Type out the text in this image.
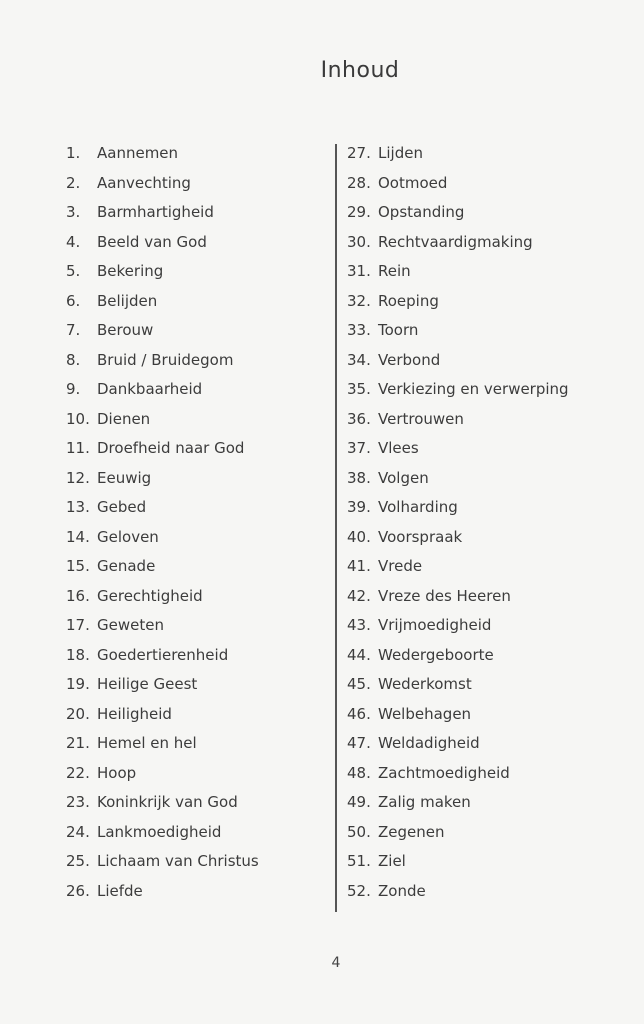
Inhoud
1.	Aannemen
2.	Aanvechting
3.	Barmhartigheid
4.	Beeld van God
5.	Bekering
6.	Belijden
7.	Berouw
8.	Bruid / Bruidegom
9.	Dankbaarheid
10. Dienen
11. Droefheid naar God
12. Eeuwig
13. Gebed
14. Geloven
15. Genade
16. Gerechtigheid
17. Geweten
18. Goedertierenheid
19. Heilige Geest
20. Heiligheid
21. Hemel en hel
22. Hoop
23. Koninkrijk van God
24. Lankmoedigheid
25. Lichaam van Christus
26. Liefde
27. Lijden
28. Ootmoed
29. Opstanding
30. Rechtvaardigmaking
31. Rein
32. Roeping
33. Toorn
34. Verbond
35. Verkiezing en verwerping
36. Vertrouwen
37. Vlees
38. Volgen
39. Volharding
40. Voorspraak
41. Vrede
42. Vreze des Heeren
43. Vrijmoedigheid
44. Wedergeboorte
45. Wederkomst
46. Welbehagen
47. Weldadigheid
48. Zachtmoedigheid
49. Zalig maken
50. Zegenen
51. Ziel
52. Zonde
4
